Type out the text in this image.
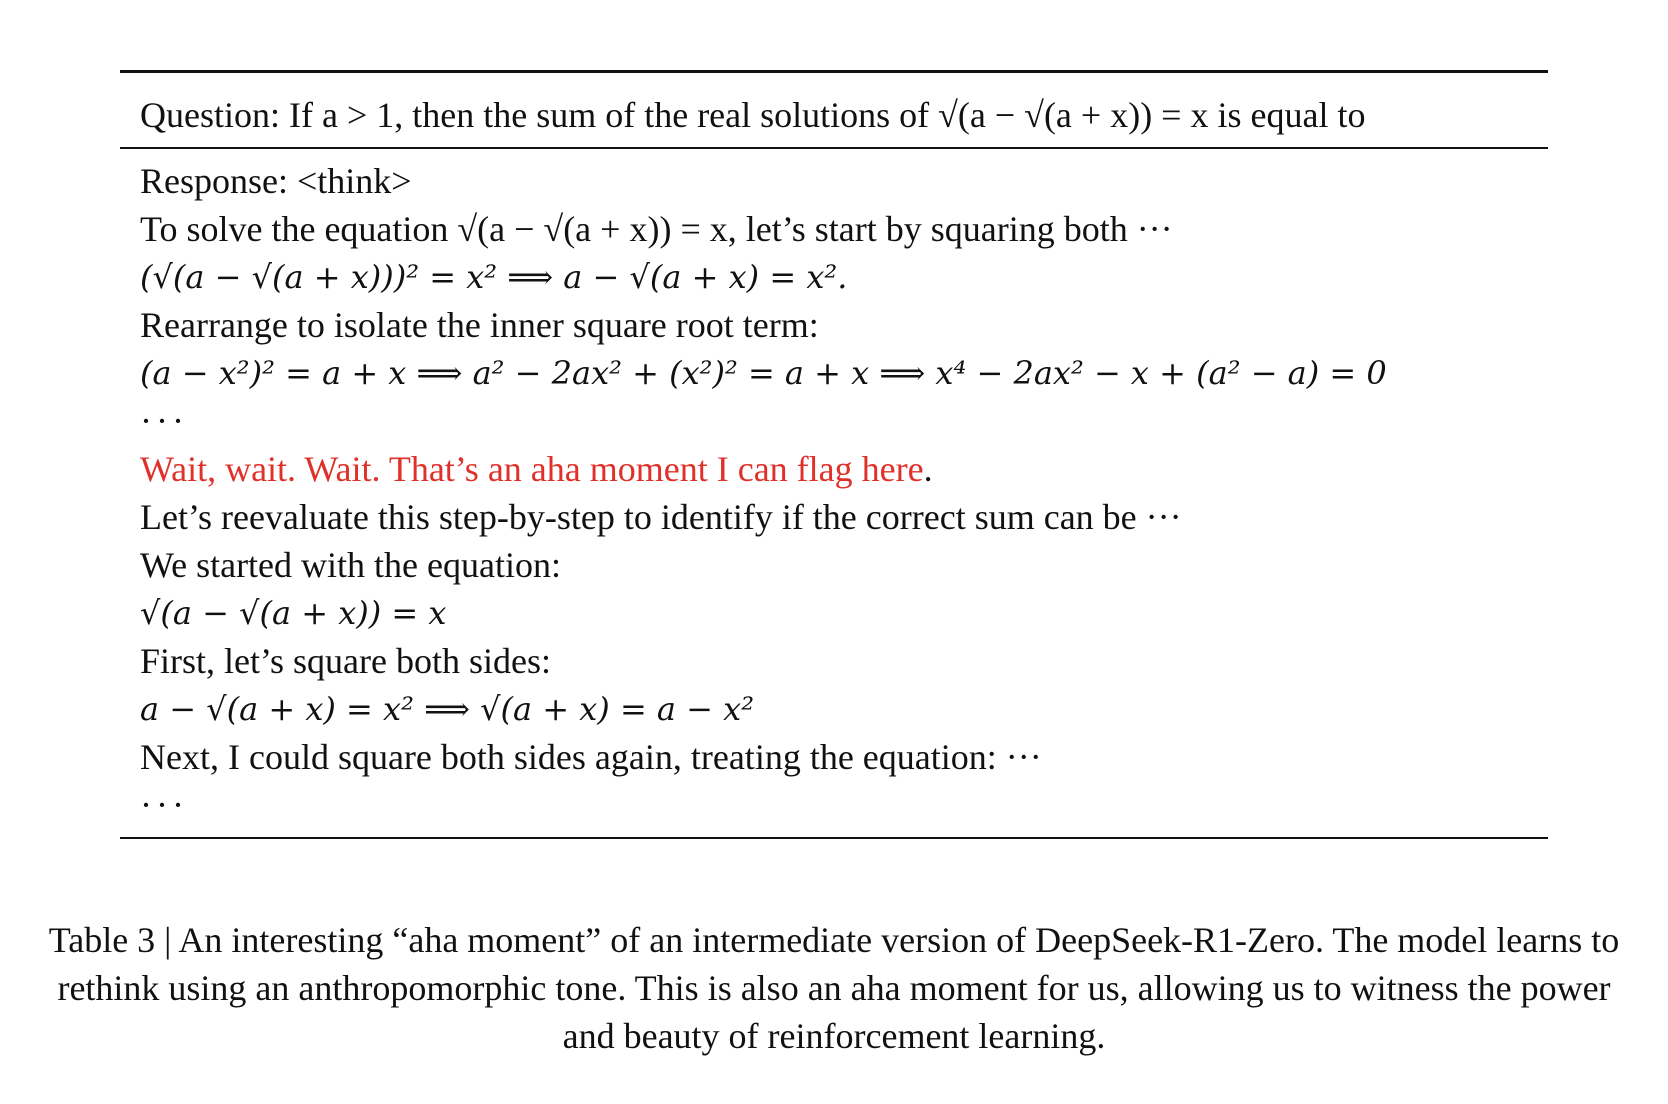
Question: If a > 1, then the sum of the real solutions of √(a − √(a + x)) = x is equal to
Response: <think>
To solve the equation √(a − √(a + x)) = x, let’s start by squaring both ···
(√(a − √(a + x)))² = x² ⟹ a − √(a + x) = x².
Rearrange to isolate the inner square root term:
(a − x²)² = a + x ⟹ a² − 2ax² + (x²)² = a + x ⟹ x⁴ − 2ax² − x + (a² − a) = 0
···
Wait, wait. Wait. That’s an aha moment I can flag here.
Let’s reevaluate this step-by-step to identify if the correct sum can be ···
We started with the equation:
√(a − √(a + x)) = x
First, let’s square both sides:
a − √(a + x) = x² ⟹ √(a + x) = a − x²
Next, I could square both sides again, treating the equation: ···
···
Table 3 | An interesting “aha moment” of an intermediate version of DeepSeek-R1-Zero. The model learns to rethink using an anthropomorphic tone. This is also an aha moment for us, allowing us to witness the power and beauty of reinforcement learning.
